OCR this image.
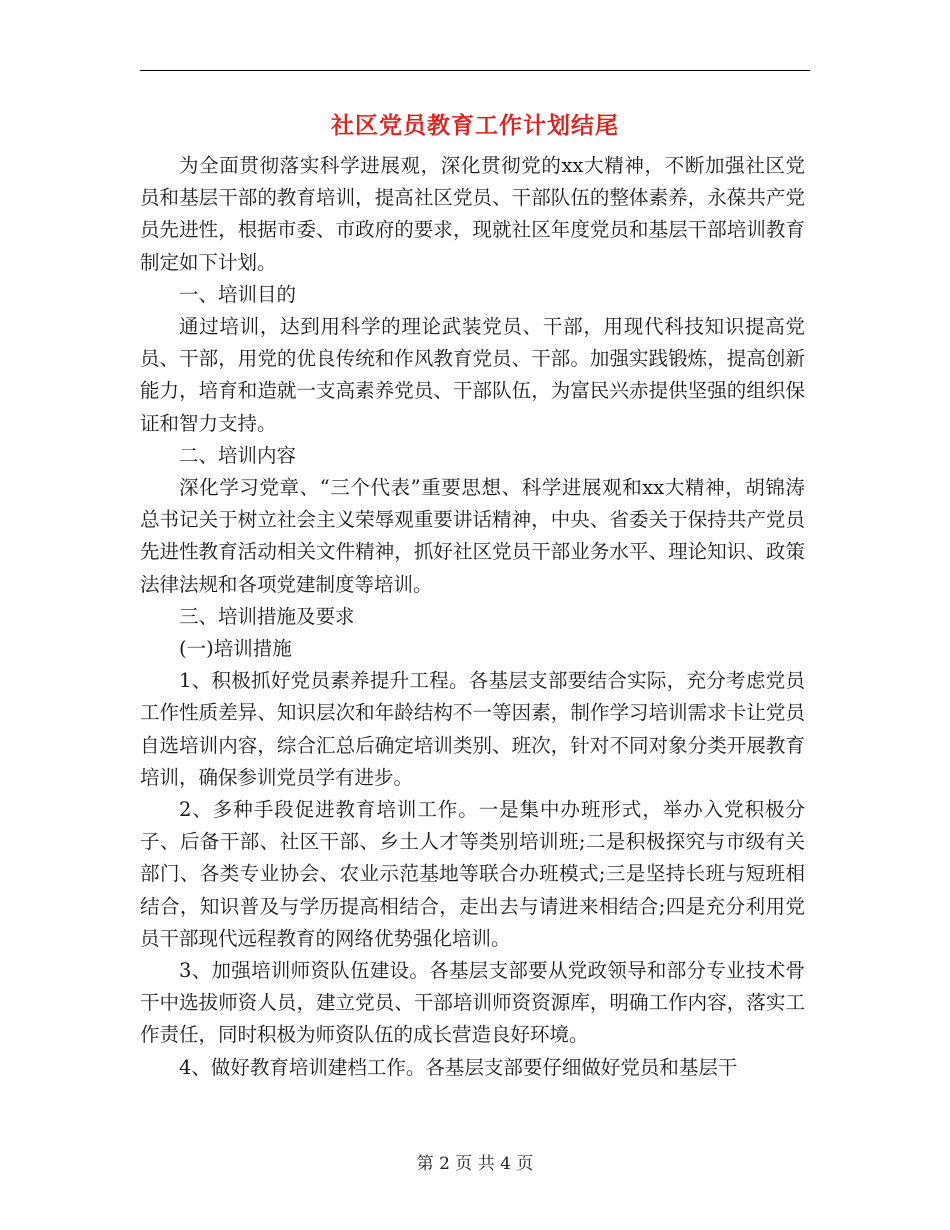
社区党员教育工作计划结尾

为全面贯彻落实科学进展观，深化贯彻党的xx大精神，不断加强社区党员和基层干部的教育培训，提高社区党员、干部队伍的整体素养，永葆共产党员先进性，根据市委、市政府的要求，现就社区年度党员和基层干部培训教育制定如下计划。

一、培训目的

通过培训，达到用科学的理论武装党员、干部，用现代科技知识提高党员、干部，用党的优良传统和作风教育党员、干部。加强实践锻炼，提高创新能力，培育和造就一支高素养党员、干部队伍，为富民兴赤提供坚强的组织保证和智力支持。

二、培训内容

深化学习党章、“三个代表”重要思想、科学进展观和xx大精神，胡锦涛总书记关于树立社会主义荣辱观重要讲话精神，中央、省委关于保持共产党员先进性教育活动相关文件精神，抓好社区党员干部业务水平、理论知识、政策法律法规和各项党建制度等培训。

三、培训措施及要求

(一)培训措施

1、积极抓好党员素养提升工程。各基层支部要结合实际，充分考虑党员工作性质差异、知识层次和年龄结构不一等因素，制作学习培训需求卡让党员自选培训内容，综合汇总后确定培训类别、班次，针对不同对象分类开展教育培训，确保参训党员学有进步。

2、多种手段促进教育培训工作。一是集中办班形式，举办入党积极分子、后备干部、社区干部、乡土人才等类别培训班;二是积极探究与市级有关部门、各类专业协会、农业示范基地等联合办班模式;三是坚持长班与短班相结合，知识普及与学历提高相结合，走出去与请进来相结合;四是充分利用党员干部现代远程教育的网络优势强化培训。

3、加强培训师资队伍建设。各基层支部要从党政领导和部分专业技术骨干中选拔师资人员，建立党员、干部培训师资资源库，明确工作内容，落实工作责任，同时积极为师资队伍的成长营造良好环境。

4、做好教育培训建档工作。各基层支部要仔细做好党员和基层干

第 2 页 共 4 页
